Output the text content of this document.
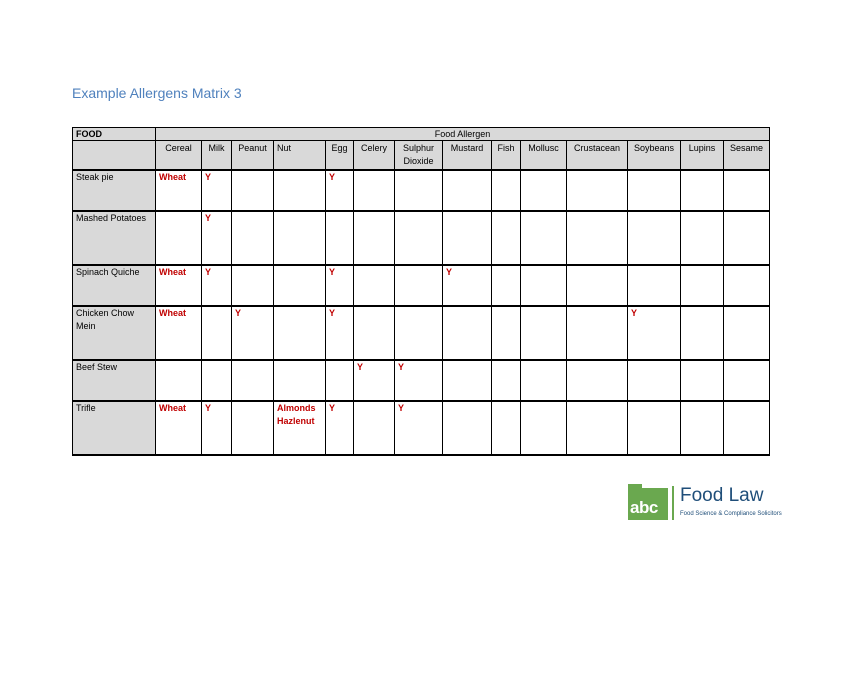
Example Allergens Matrix 3
FOOD	Food Allergen													
	Cereal	Milk	Peanut	Nut	Egg	Celery	Sulphur Dioxide	Mustard	Fish	Mollusc	Crustacean	Soybeans	Lupins	Sesame
Steak pie	Wheat	Y			Y									
Mashed Potatoes		Y												
Spinach Quiche	Wheat	Y			Y			Y						
Chicken Chow Mein	Wheat		Y		Y							Y		
Beef Stew						Y	Y							
Trifle	Wheat	Y		Almonds Hazlenut	Y		Y							
abc
Food Law
Food Science & Compliance Solicitors
